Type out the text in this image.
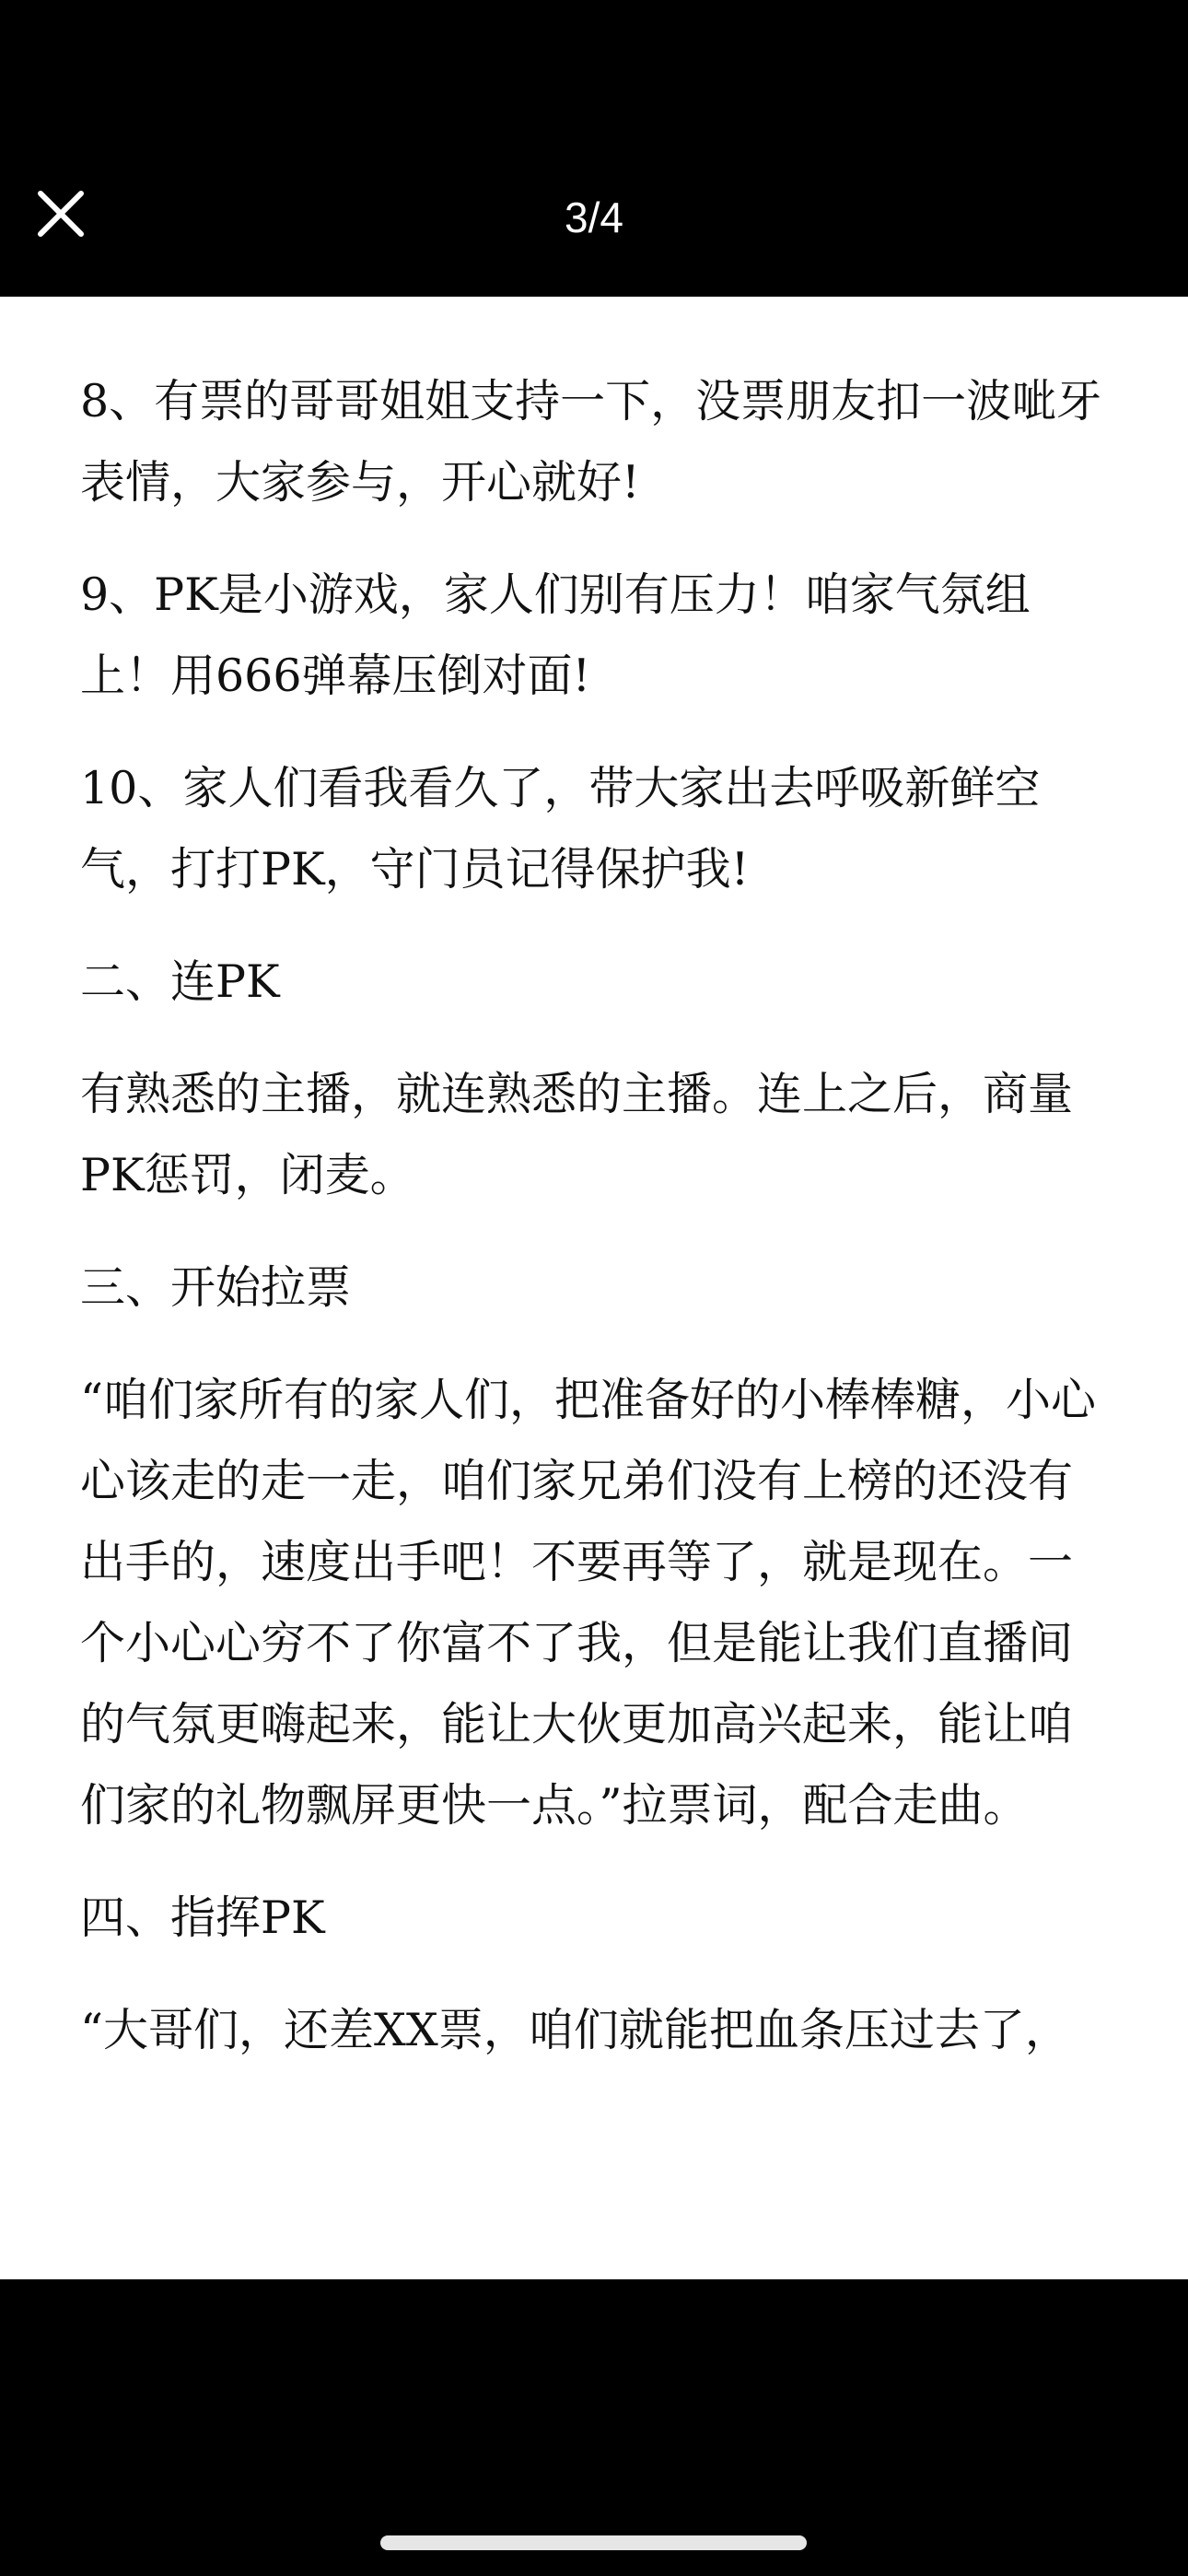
3/4

8、有票的哥哥姐姐支持一下，没票朋友扣一波呲牙表情，大家参与，开心就好!

9、PK是小游戏，家人们别有压力！咱家气氛组上！用666弹幕压倒对面!

10、家人们看我看久了，带大家出去呼吸新鲜空气，打打PK，守门员记得保护我!

二、连PK

有熟悉的主播，就连熟悉的主播。连上之后，商量PK惩罚，闭麦。

三、开始拉票

“咱们家所有的家人们，把准备好的小棒棒糖，小心心该走的走一走，咱们家兄弟们没有上榜的还没有出手的，速度出手吧！不要再等了，就是现在。一个小心心穷不了你富不了我，但是能让我们直播间的气氛更嗨起来，能让大伙更加高兴起来，能让咱们家的礼物飘屏更快一点。”拉票词，配合走曲。

四、指挥PK

“大哥们，还差XX票，咱们就能把血条压过去了，
